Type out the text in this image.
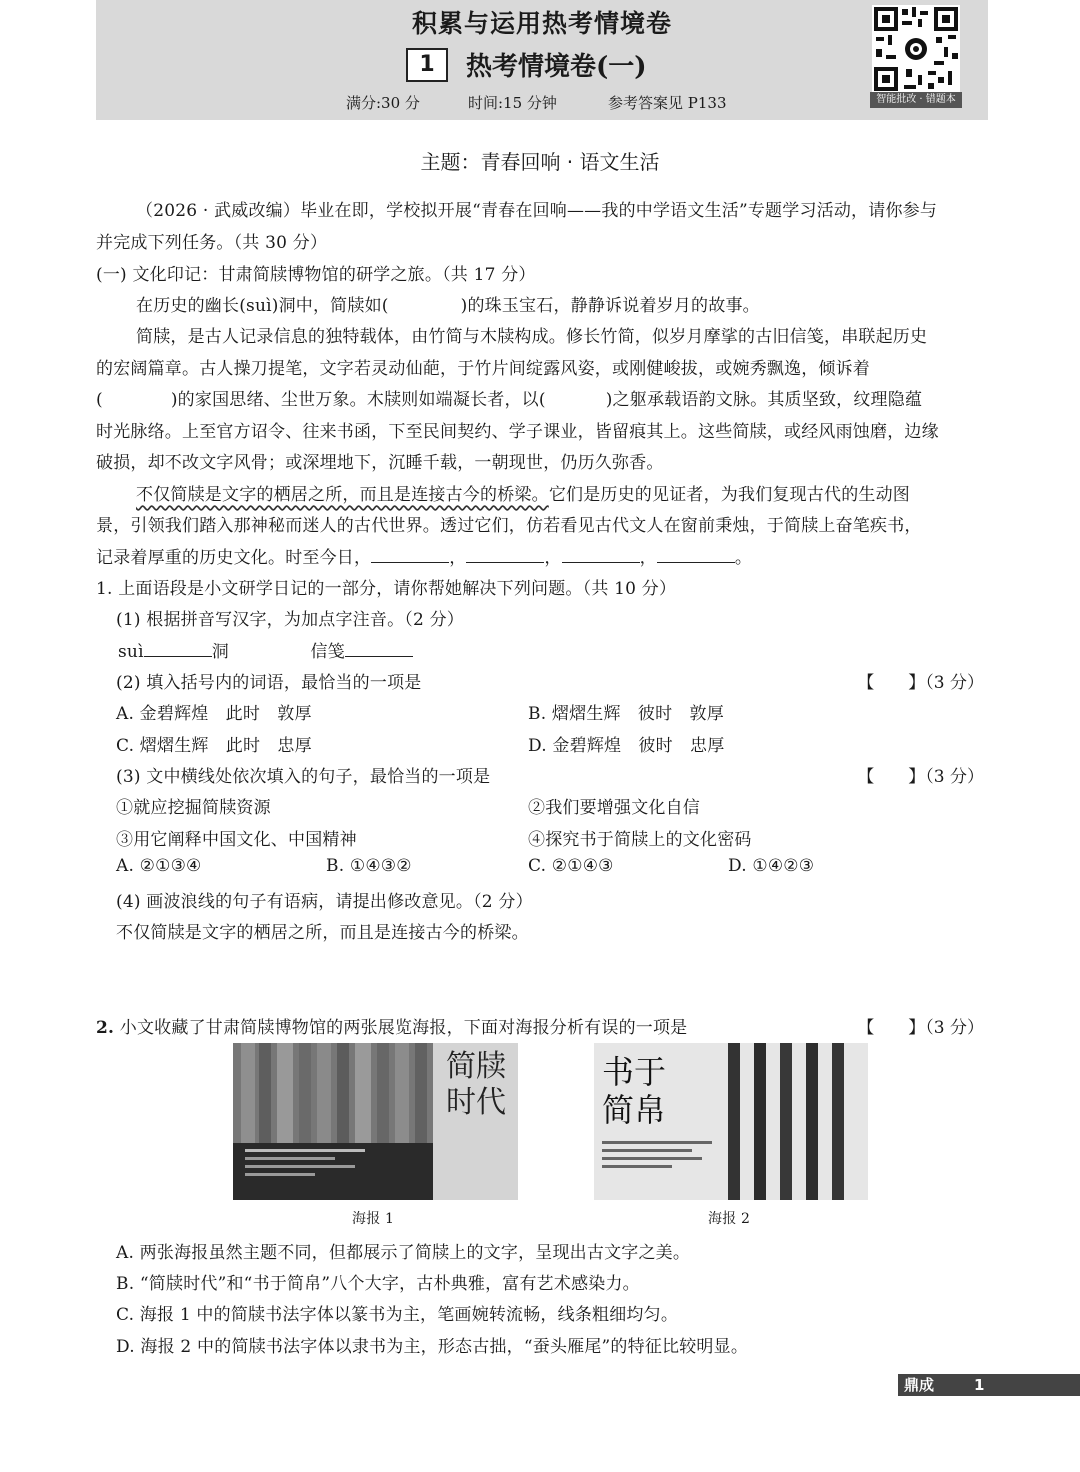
积累与运用热考情境卷
1	热考情境卷(一)
满分:30 分	时间:15 分钟	参考答案见 P133	智能批改 · 错题本
主题：青春回响 · 语文生活
（2026 · 武威改编）毕业在即，学校拟开展“青春在回响——我的中学语文生活”专题学习活动，请你参与
并完成下列任务。（共 30 分）
(一) 文化印记：甘肃简牍博物馆的研学之旅。（共 17 分）
在历史的幽长(suì)洞中，简牍如(	)的珠玉宝石，静静诉说着岁月的故事。
简牍，是古人记录信息的独特载体，由竹简与木牍构成。修长竹简，似岁月摩挲的古旧信笺，串联起历史
的宏阔篇章。古人操刀提笔，文字若灵动仙葩，于竹片间绽露风姿，或刚健峻拔，或婉秀飘逸，倾诉着
(	)的家国思绪、尘世万象。木牍则如端凝长者，以(	)之躯承载语韵文脉。其质坚致，纹理隐蕴
时光脉络。上至官方诏令、往来书函，下至民间契约、学子课业，皆留痕其上。这些简牍，或经风雨蚀磨，边缘
破损，却不改文字风骨；或深埋地下，沉睡千载，一朝现世，仍历久弥香。
不仅简牍是文字的栖居之所，而且是连接古今的桥梁。它们是历史的见证者，为我们复现古代的生动图
景，引领我们踏入那神秘而迷人的古代世界。透过它们，仿若看见古代文人在窗前秉烛，于简牍上奋笔疾书，
记录着厚重的历史文化。时至今日，	，	，	，	。
1. 上面语段是小文研学日记的一部分，请你帮她解决下列问题。（共 10 分）
(1) 根据拼音写汉字，为加点字注音。（2 分）
suì	洞	信笺
(2) 填入括号内的词语，最恰当的一项是	【　　】（3 分）
A. 金碧辉煌　此时　敦厚	B. 熠熠生辉　彼时　敦厚
C. 熠熠生辉　此时　忠厚	D. 金碧辉煌　彼时　忠厚
(3) 文中横线处依次填入的句子，最恰当的一项是	【　　】（3 分）
①就应挖掘简牍资源	②我们要增强文化自信
③用它阐释中国文化、中国精神	④探究书于简牍上的文化密码
A. ②①③④	B. ①④③②	C. ②①④③	D. ①④②③
(4) 画波浪线的句子有语病，请提出修改意见。（2 分）
不仅简牍是文字的栖居之所，而且是连接古今的桥梁。
2. 小文收藏了甘肃简牍博物馆的两张展览海报，下面对海报分析有误的一项是	【　　】（3 分）
简牍时代
海报 1
书于简帛
海报 2
A. 两张海报虽然主题不同，但都展示了简牍上的文字，呈现出古文字之美。
B. “简牍时代”和“书于简帛”八个大字，古朴典雅，富有艺术感染力。
C. 海报 1 中的简牍书法字体以篆书为主，笔画婉转流畅，线条粗细均匀。
D. 海报 2 中的简牍书法字体以隶书为主，形态古拙，“蚕头雁尾”的特征比较明显。
鼎成	1
